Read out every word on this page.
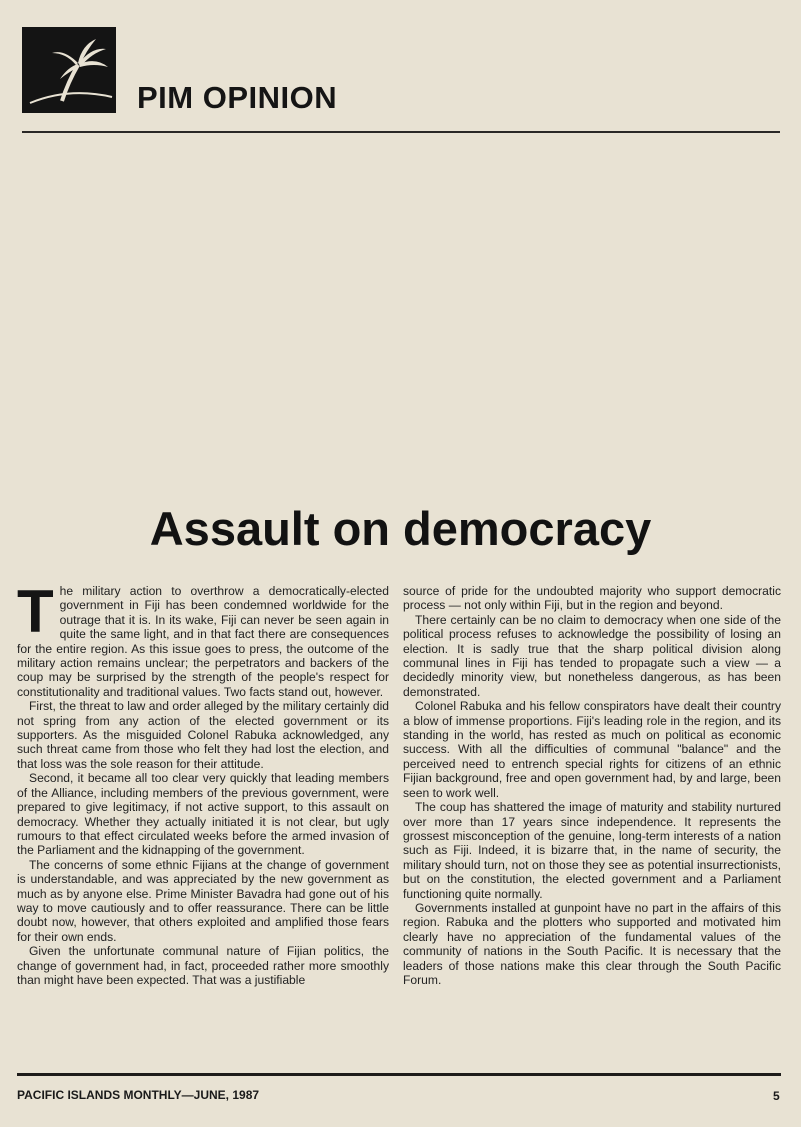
PIM OPINION
Assault on democracy

The military action to overthrow a democratically-elected government in Fiji has been condemned worldwide for the outrage that it is. In its wake, Fiji can never be seen again in quite the same light, and in that fact there are consequences for the entire region. As this issue goes to press, the outcome of the military action remains unclear; the perpetrators and backers of the coup may be surprised by the strength of the people's respect for constitutionality and traditional values. Two facts stand out, however.

First, the threat to law and order alleged by the military certainly did not spring from any action of the elected government or its supporters. As the misguided Colonel Rabuka acknowledged, any such threat came from those who felt they had lost the election, and that loss was the sole reason for their attitude.

Second, it became all too clear very quickly that leading members of the Alliance, including members of the previous government, were prepared to give legitimacy, if not active support, to this assault on democracy. Whether they actually initiated it is not clear, but ugly rumours to that effect circulated weeks before the armed invasion of the Parliament and the kidnapping of the government.

The concerns of some ethnic Fijians at the change of government is understandable, and was appreciated by the new government as much as by anyone else. Prime Minister Bavadra had gone out of his way to move cautiously and to offer reassurance. There can be little doubt now, however, that others exploited and amplified those fears for their own ends.

Given the unfortunate communal nature of Fijian politics, the change of government had, in fact, proceeded rather more smoothly than might have been expected. That was a justifiable

source of pride for the undoubted majority who support democratic process — not only within Fiji, but in the region and beyond.

There certainly can be no claim to democracy when one side of the political process refuses to acknowledge the possibility of losing an election. It is sadly true that the sharp political division along communal lines in Fiji has tended to propagate such a view — a decidedly minority view, but nonetheless dangerous, as has been demonstrated.

Colonel Rabuka and his fellow conspirators have dealt their country a blow of immense proportions. Fiji's leading role in the region, and its standing in the world, has rested as much on political as economic success. With all the difficulties of communal "balance" and the perceived need to entrench special rights for citizens of an ethnic Fijian background, free and open government had, by and large, been seen to work well.

The coup has shattered the image of maturity and stability nurtured over more than 17 years since independence. It represents the grossest misconception of the genuine, long-term interests of a nation such as Fiji. Indeed, it is bizarre that, in the name of security, the military should turn, not on those they see as potential insurrectionists, but on the constitution, the elected government and a Parliament functioning quite normally.

Governments installed at gunpoint have no part in the affairs of this region. Rabuka and the plotters who supported and motivated him clearly have no appreciation of the fundamental values of the community of nations in the South Pacific. It is necessary that the leaders of those nations make this clear through the South Pacific Forum.

PACIFIC ISLANDS MONTHLY—JUNE, 1987	5
